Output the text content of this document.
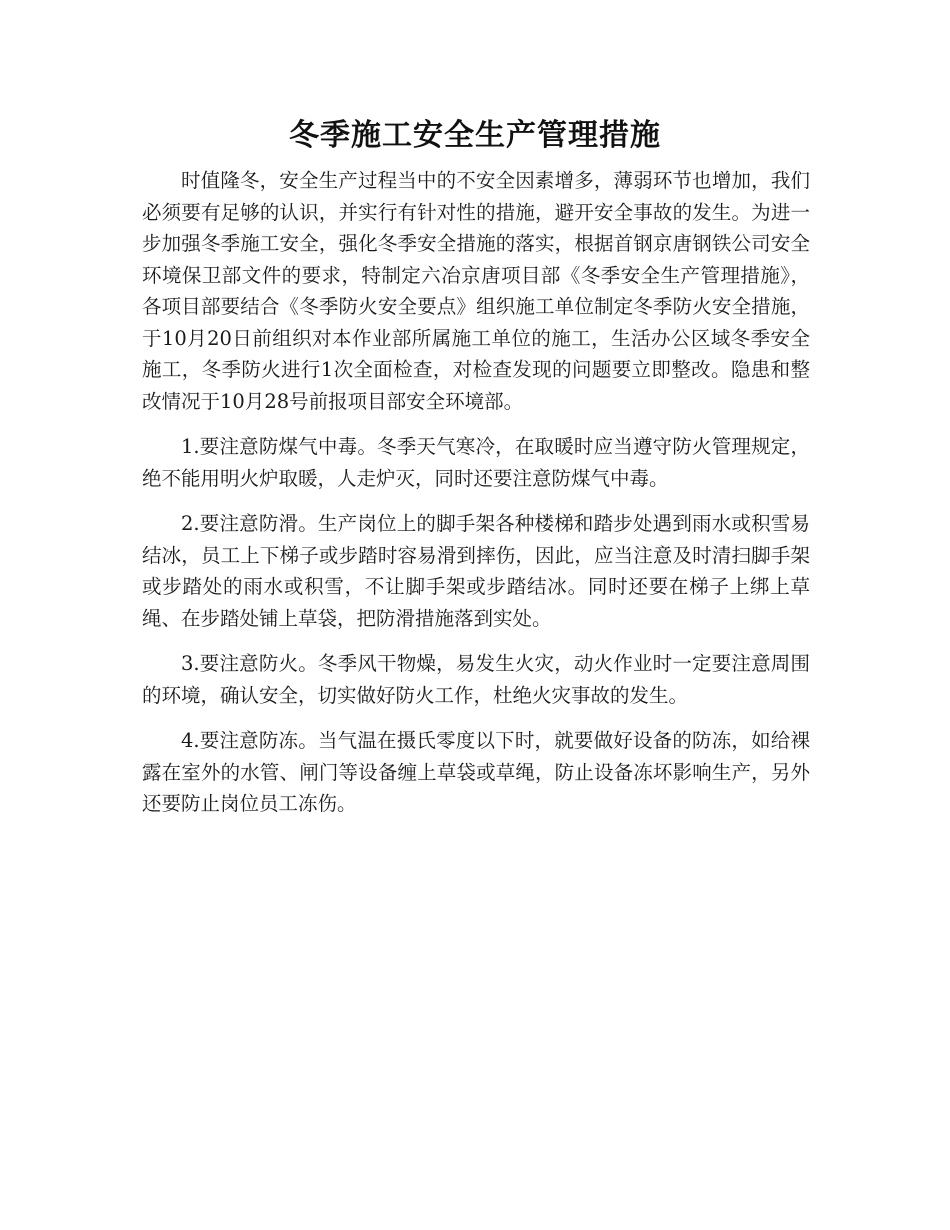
冬季施工安全生产管理措施

时值隆冬，安全生产过程当中的不安全因素增多，薄弱环节也增加，我们必须要有足够的认识，并实行有针对性的措施，避开安全事故的发生。为进一步加强冬季施工安全，强化冬季安全措施的落实，根据首钢京唐钢铁公司安全环境保卫部文件的要求，特制定六冶京唐项目部《冬季安全生产管理措施》，各项目部要结合《冬季防火安全要点》组织施工单位制定冬季防火安全措施，于10月20日前组织对本作业部所属施工单位的施工，生活办公区域冬季安全施工，冬季防火进行1次全面检查，对检查发现的问题要立即整改。隐患和整改情况于10月28号前报项目部安全环境部。

1.要注意防煤气中毒。冬季天气寒冷，在取暖时应当遵守防火管理规定，绝不能用明火炉取暖，人走炉灭，同时还要注意防煤气中毒。

2.要注意防滑。生产岗位上的脚手架各种楼梯和踏步处遇到雨水或积雪易结冰，员工上下梯子或步踏时容易滑到摔伤，因此，应当注意及时清扫脚手架或步踏处的雨水或积雪，不让脚手架或步踏结冰。同时还要在梯子上绑上草绳、在步踏处铺上草袋，把防滑措施落到实处。

3.要注意防火。冬季风干物燥，易发生火灾，动火作业时一定要注意周围的环境，确认安全，切实做好防火工作，杜绝火灾事故的发生。

4.要注意防冻。当气温在摄氏零度以下时，就要做好设备的防冻，如给裸露在室外的水管、闸门等设备缠上草袋或草绳，防止设备冻坏影响生产，另外还要防止岗位员工冻伤。
